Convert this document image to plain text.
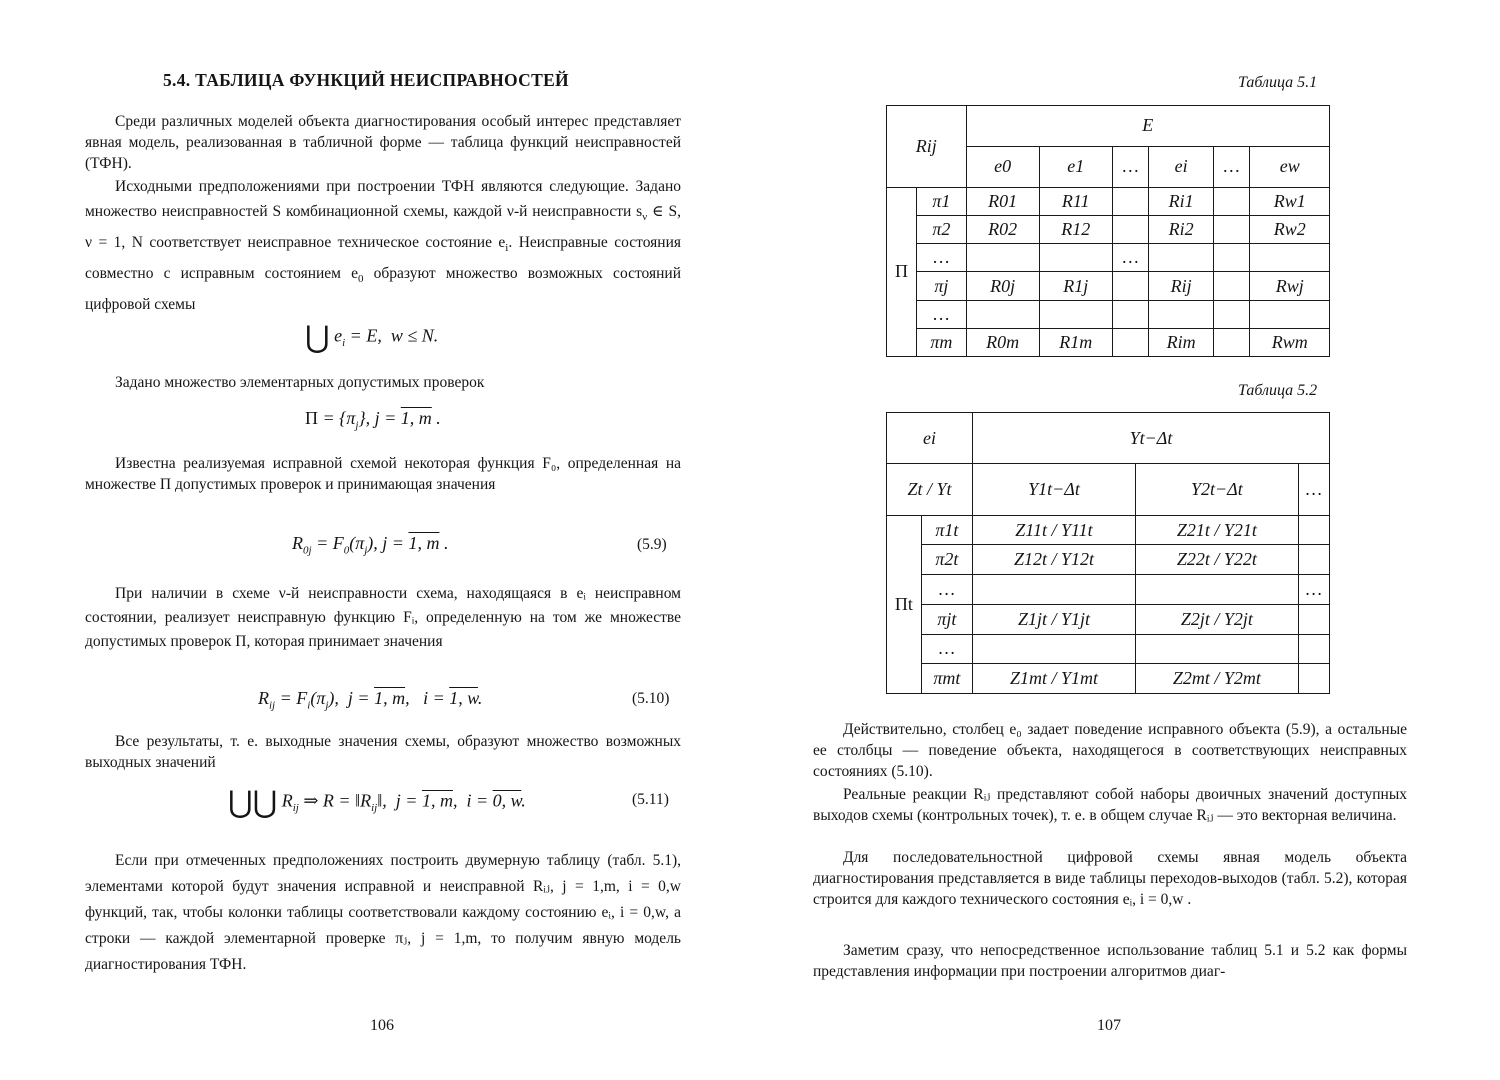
5.4. ТАБЛИЦА ФУНКЦИЙ НЕИСПРАВНОСТЕЙ

Среди различных моделей объекта диагностирования особый интерес представляет явная модель, реализованная в табличной форме — таблица функций неисправностей (ТФН).

Исходными предположениями при построении ТФН являются следующие. Задано множество неисправностей S комбинационной схемы, каждой ν-й неисправности $s_\nu$ ∈ S, ν = 1, N соответствует неисправное техническое состояние $e_i$. Неисправные состояния совместно с исправным состоянием $e_0$ образуют множество возможных состояний цифровой схемы

⋃ $e_i = E$,  w ≤ N.

Задано множество элементарных допустимых проверок

$\Pi = \{\pi_j\}$, j = 1, m .

Известна реализуемая исправной схемой некоторая функция F₀, определенная на множестве Π допустимых проверок и принимающая значения

$R_{0j} = F_0(\pi_j)$, j = 1, m .	(5.9)

При наличии в схеме ν-й неисправности схема, находящаяся в eᵢ неисправном состоянии, реализует неисправную функцию Fᵢ, определенную на том же множестве допустимых проверок Π, которая принимает значения

$R_{ij} = F_i(\pi_j)$,  j = 1, m,   i = 1, w.	(5.10)

Все результаты, т. е. выходные значения схемы, образуют множество возможных выходных значений

⋃⋃ $R_{ij}$ ⇒ $R = ‖R_{ij}‖$,  j = 1, m,  i = 0, w.	(5.11)

Если при отмеченных предположениях построить двумерную таблицу (табл. 5.1), элементами которой будут значения исправной и неисправной Rᵢⱼ, j = 1,m, i = 0,w функций, так, чтобы колонки таблицы соответствовали каждому состоянию eᵢ, i = 0,w, а строки — каждой элементарной проверке πⱼ, j = 1,m, то получим явную модель диагностирования ТФН.

106
Таблица 5.1
Rij		E					
		e0	e1	…	ei	…	ew
Π	π1	R01	R11		Ri1		Rw1
	π2	R02	R12		Ri2		Rw2
	…			…			
	πj	R0j	R1j		Rij		Rwj
	…						
	πm	R0m	R1m		Rim		Rwm
Таблица 5.2
ei		Yt−Δt		
Zt / Yt		Y1t−Δt	Y2t−Δt	…
Πt	π1t	Z11t / Y11t	Z21t / Y21t	
	π2t	Z12t / Y12t	Z22t / Y22t	
	…			…
	πjt	Z1jt / Y1jt	Z2jt / Y2jt	
	…			
	πmt	Z1mt / Y1mt	Z2mt / Y2mt	

Действительно, столбец e₀ задает поведение исправного объекта (5.9), а остальные ее столбцы — поведение объекта, находящегося в соответствующих неисправных состояниях (5.10).

Реальные реакции Rᵢⱼ представляют собой наборы двоичных значений доступных выходов схемы (контрольных точек), т. е. в общем случае Rᵢⱼ — это векторная величина.

Для последовательностной цифровой схемы явная модель объекта диагностирования представляется в виде таблицы переходов-выходов (табл. 5.2), которая строится для каждого технического состояния eᵢ, i = 0,w .

Заметим сразу, что непосредственное использование таблиц 5.1 и 5.2 как формы представления информации при построении алгоритмов диаг-

107
